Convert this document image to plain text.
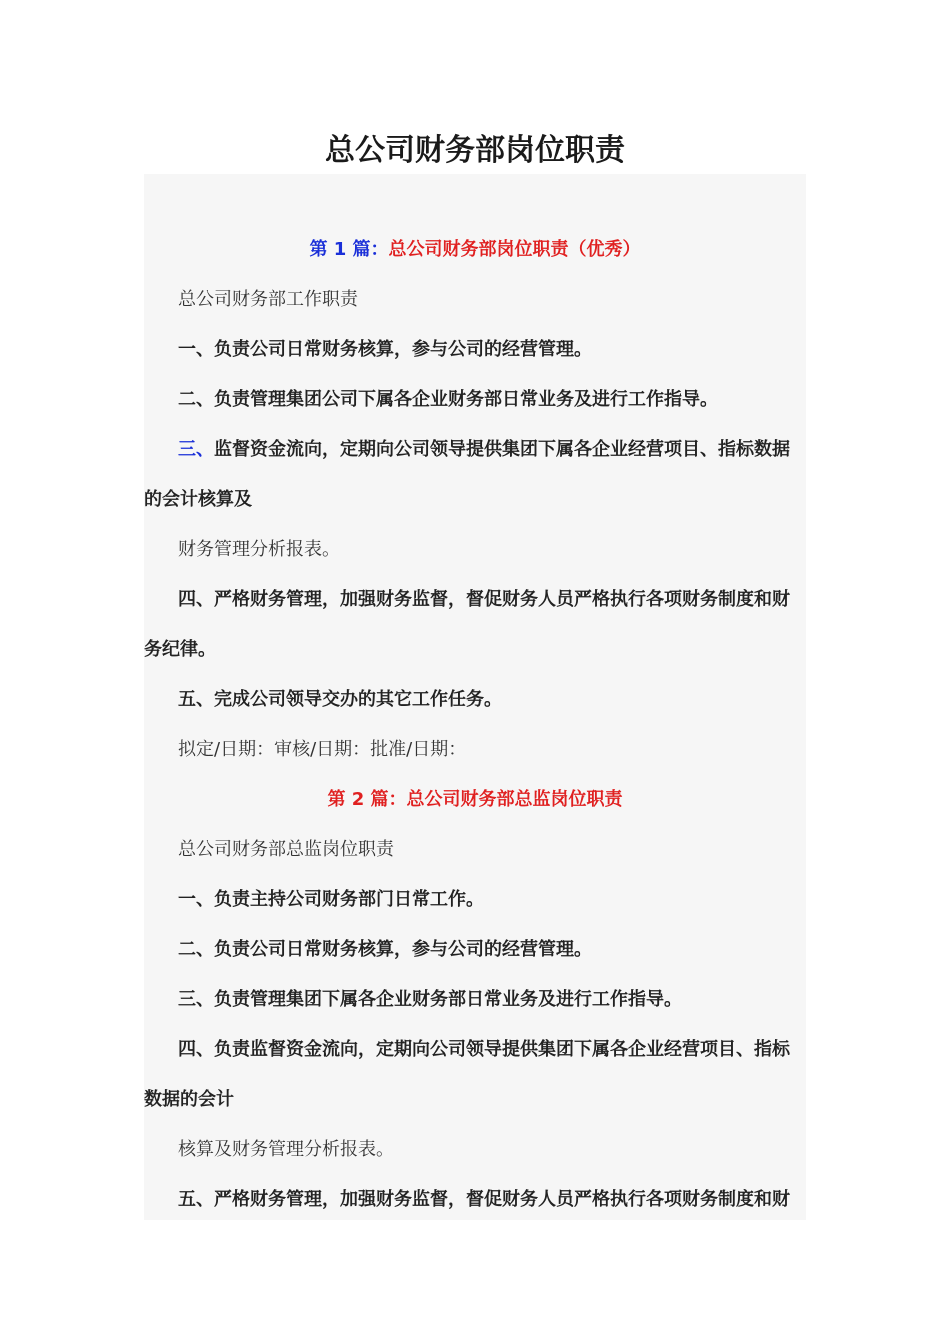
总公司财务部岗位职责
第 1 篇：总公司财务部岗位职责（优秀）
总公司财务部工作职责
一、负责公司日常财务核算，参与公司的经营管理。
二、负责管理集团公司下属各企业财务部日常业务及进行工作指导。
三、监督资金流向，定期向公司领导提供集团下属各企业经营项目、指标数据
的会计核算及
财务管理分析报表。
四、严格财务管理，加强财务监督，督促财务人员严格执行各项财务制度和财
务纪律。
五、完成公司领导交办的其它工作任务。
拟定/日期：审核/日期：批准/日期：
第 2 篇：总公司财务部总监岗位职责
总公司财务部总监岗位职责
一、负责主持公司财务部门日常工作。
二、负责公司日常财务核算，参与公司的经营管理。
三、负责管理集团下属各企业财务部日常业务及进行工作指导。
四、负责监督资金流向，定期向公司领导提供集团下属各企业经营项目、指标
数据的会计
核算及财务管理分析报表。
五、严格财务管理，加强财务监督，督促财务人员严格执行各项财务制度和财
